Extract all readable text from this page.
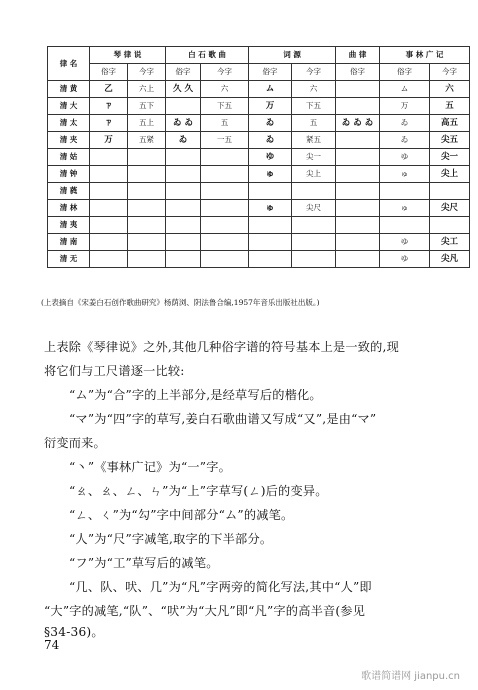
律 名	琴 律 说		白 石 歌 曲		词 源		曲 律	事 林 广 记	
	俗字	今字	俗字	今字	俗字	今字	俗字	俗字	今字
清 黄	乙	六上	久 久	六	ム	六		ム	六
清 大	ㄗ	五下		下五	万	下五		万	五
清 太	ㄗ	五上	ゐ ゐ	五	ゐ	五	ゐ ゐ ゐ	ゐ	高五
清 夹	万	五紧	ゐ	一五	ゐ	紧五		ゐ	尖五
清 姑					ゆ	尖一		ゆ	尖一
清 钟					ゅ	尖上		ゅ	尖上
清 蕤									
清 林					ゅ	尖尺		ゅ	尖尺
清 夷									
清 南								ゆ	尖工
清 无								ゆ	尖凡
(上表摘自《宋姜白石创作歌曲研究》杨荫浏、阴法鲁合编,1957年音乐出版社出版。)
上表除《琴律说》之外,其他几种俗字谱的符号基本上是一致的,现
将它们与工尺谱逐一比较:
“ム”为“合”字的上半部分,是经草写后的楷化。
“マ”为“四”字的草写,姜白石歌曲谱又写成“又”,是由“マ”
衍变而来。
“丶”《事林广记》为“一”字。
“ㄠ、ㄠ、ㄥ、ㄣ”为“上”字草写(ㄥ)后的变异。
“ㄥ、ㄑ”为“勾”字中间部分“ム”的减笔。
“人”为“尺”字减笔,取字的下半部分。
“フ”为“工”草写后的减笔。
“几、队、吠、几”为“凡”字两旁的简化写法,其中“人”即
“大”字的减笔,“队”、“吠”为“大凡”即“凡”字的高半音(参见
§34-36)。
74
歌谱简谱网 jianpu.cn
